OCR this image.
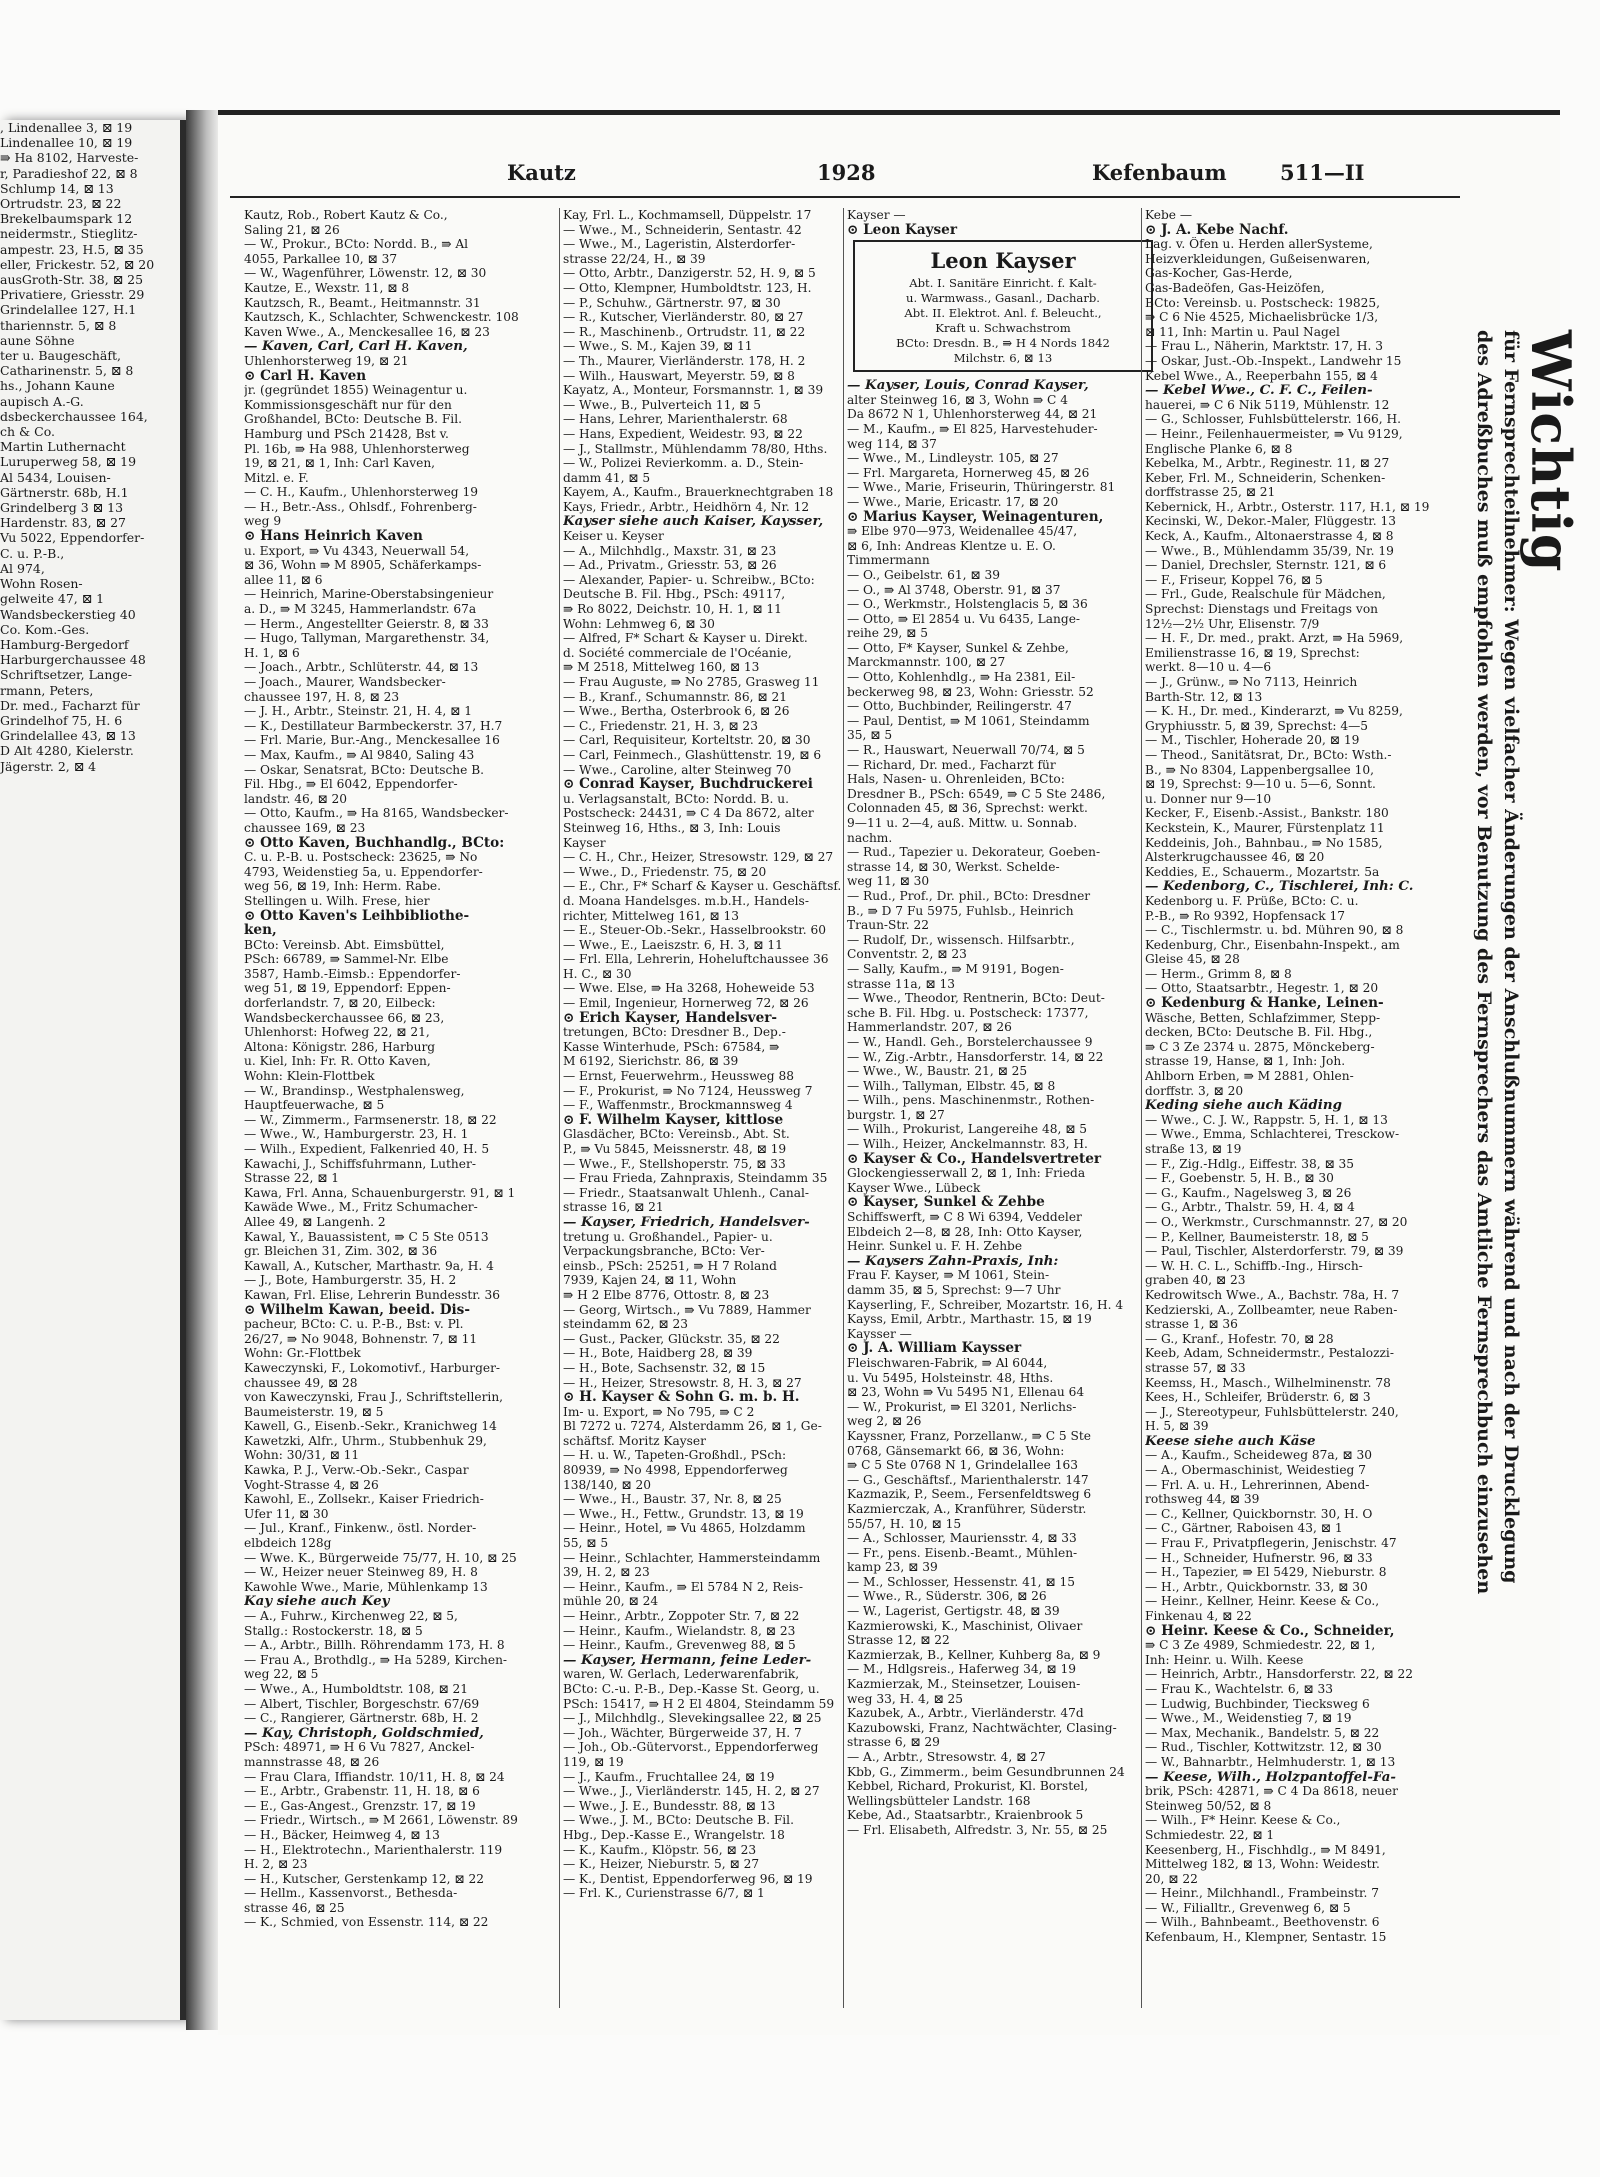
, Lindenallee 3, ⊠ 19
Lindenallee 10, ⊠ 19
⇛ Ha 8102, Harveste-
r, Paradieshof 22, ⊠ 8
Schlump 14, ⊠ 13
Ortrudstr. 23, ⊠ 22
Brekelbaumspark 12
neidermstr., Stieglitz-
ampestr. 23, H.5, ⊠ 35
eller, Frickestr. 52, ⊠ 20
ausGroth-Str. 38, ⊠ 25
Privatiere, Griesstr. 29
Grindelallee 127, H.1
thariennstr. 5, ⊠ 8
aune Söhne
ter u. Baugeschäft,
Catharinenstr. 5, ⊠ 8
hs., Johann Kaune
aupisch A.-G.
dsbeckerchaussee 164,
ch & Co.
Martin Luthernacht
Luruperweg 58, ⊠ 19
Al 5434, Louisen-
Gärtnerstr. 68b, H.1
Grindelberg 3 ⊠ 13
Hardenstr. 83, ⊠ 27
Vu 5022, Eppendorfer-
C. u. P.-B.,
Al 974,
Wohn Rosen-
gelweite 47, ⊠ 1
Wandsbeckerstieg 40
Co. Kom.-Ges.
Hamburg-Bergedorf
Harburgerchaussee 48
Schriftsetzer, Lange-
rmann, Peters,
Dr. med., Facharzt für
Grindelhof 75, H. 6
Grindelallee 43, ⊠ 13
D Alt 4280, Kielerstr.
Jägerstr. 2, ⊠ 4
Kautz	1928	Kefenbaum	511—II
Kautz, Rob., Robert Kautz & Co.,
Saling 21, ⊠ 26
— W., Prokur., BCto: Nordd. B., ⇛ Al
4055, Parkallee 10, ⊠ 37
— W., Wagenführer, Löwenstr. 12, ⊠ 30
Kautze, E., Wexstr. 11, ⊠ 8
Kautzsch, R., Beamt., Heitmannstr. 31
Kautzsch, K., Schlachter, Schwenckestr. 108
Kaven Wwe., A., Menckesallee 16, ⊠ 23
— Kaven, Carl, Carl H. Kaven,
Uhlenhorsterweg 19, ⊠ 21
⊙ Carl H. Kaven
jr. (gegründet 1855) Weinagentur u.
Kommissionsgeschäft nur für den
Großhandel, BCto: Deutsche B. Fil.
Hamburg und PSch 21428, Bst v.
Pl. 16b, ⇛ Ha 988, Uhlenhorsterweg
19, ⊠ 21, ⊠ 1, Inh: Carl Kaven,
Mitzl. e. F.
— C. H., Kaufm., Uhlenhorsterweg 19
— H., Betr.-Ass., Ohlsdf., Fohrenberg-
weg 9
⊙ Hans Heinrich Kaven
u. Export, ⇛ Vu 4343, Neuerwall 54,
⊠ 36, Wohn ⇛ M 8905, Schäferkamps-
allee 11, ⊠ 6
— Heinrich, Marine-Oberstabsingenieur
a. D., ⇛ M 3245, Hammerlandstr. 67a
— Herm., Angestellter Geierstr. 8, ⊠ 33
— Hugo, Tallyman, Margarethenstr. 34,
H. 1, ⊠ 6
— Joach., Arbtr., Schlüterstr. 44, ⊠ 13
— Joach., Maurer, Wandsbecker-
chaussee 197, H. 8, ⊠ 23
— J. H., Arbtr., Steinstr. 21, H. 4, ⊠ 1
— K., Destillateur Barmbeckerstr. 37, H.7
— Frl. Marie, Bur.-Ang., Menckesallee 16
— Max, Kaufm., ⇛ Al 9840, Saling 43
— Oskar, Senatsrat, BCto: Deutsche B.
Fil. Hbg., ⇛ El 6042, Eppendorfer-
landstr. 46, ⊠ 20
— Otto, Kaufm., ⇛ Ha 8165, Wandsbecker-
chaussee 169, ⊠ 23
⊙ Otto Kaven, Buchhandlg., BCto:
C. u. P.-B. u. Postscheck: 23625, ⇛ No
4793, Weidenstieg 5a, u. Eppendorfer-
weg 56, ⊠ 19, Inh: Herm. Rabe.
Stellingen u. Wilh. Frese, hier
⊙ Otto Kaven's Leihbibliothe-
ken,
BCto: Vereinsb. Abt. Eimsbüttel,
PSch: 66789, ⇛ Sammel-Nr. Elbe
3587, Hamb.-Eimsb.: Eppendorfer-
weg 51, ⊠ 19, Eppendorf: Eppen-
dorferlandstr. 7, ⊠ 20, Eilbeck:
Wandsbeckerchaussee 66, ⊠ 23,
Uhlenhorst: Hofweg 22, ⊠ 21,
Altona: Königstr. 286, Harburg
u. Kiel, Inh: Fr. R. Otto Kaven,
Wohn: Klein-Flottbek
— W., Brandinsp., Westphalensweg,
Hauptfeuerwache, ⊠ 5
— W., Zimmerm., Farmsenerstr. 18, ⊠ 22
— Wwe., W., Hamburgerstr. 23, H. 1
— Wilh., Expedient, Falkenried 40, H. 5
Kawachi, J., Schiffsfuhrmann, Luther-
Strasse 22, ⊠ 1
Kawa, Frl. Anna, Schauenburgerstr. 91, ⊠ 1
Kawäde Wwe., M., Fritz Schumacher-
Allee 49, ⊠ Langenh. 2
Kawal, Y., Bauassistent, ⇛ C 5 Ste 0513
gr. Bleichen 31, Zim. 302, ⊠ 36
Kawall, A., Kutscher, Marthastr. 9a, H. 4
— J., Bote, Hamburgerstr. 35, H. 2
Kawan, Frl. Elise, Lehrerin Bundesstr. 36
⊙ Wilhelm Kawan, beeid. Dis-
pacheur, BCto: C. u. P.-B., Bst: v. Pl.
26/27, ⇛ No 9048, Bohnenstr. 7, ⊠ 11
Wohn: Gr.-Flottbek
Kaweczynski, F., Lokomotivf., Harburger-
chaussee 49, ⊠ 28
von Kaweczynski, Frau J., Schriftstellerin,
Baumeisterstr. 19, ⊠ 5
Kawell, G., Eisenb.-Sekr., Kranichweg 14
Kawetzki, Alfr., Uhrm., Stubbenhuk 29,
Wohn: 30/31, ⊠ 11
Kawka, P. J., Verw.-Ob.-Sekr., Caspar
Voght-Strasse 4, ⊠ 26
Kawohl, E., Zollsekr., Kaiser Friedrich-
Ufer 11, ⊠ 30
— Jul., Kranf., Finkenw., östl. Norder-
elbdeich 128g
— Wwe. K., Bürgerweide 75/77, H. 10, ⊠ 25
— W., Heizer neuer Steinweg 89, H. 8
Kawohle Wwe., Marie, Mühlenkamp 13
Kay siehe auch Key
— A., Fuhrw., Kirchenweg 22, ⊠ 5,
Stallg.: Rostockerstr. 18, ⊠ 5
— A., Arbtr., Billh. Röhrendamm 173, H. 8
— Frau A., Brothdlg., ⇛ Ha 5289, Kirchen-
weg 22, ⊠ 5
— Wwe., A., Humboldtstr. 108, ⊠ 21
— Albert, Tischler, Borgeschstr. 67/69
— C., Rangierer, Gärtnerstr. 68b, H. 2
— Kay, Christoph, Goldschmied,
PSch: 48971, ⇛ H 6 Vu 7827, Anckel-
mannstrasse 48, ⊠ 26
— Frau Clara, Iffiandstr. 10/11, H. 8, ⊠ 24
— E., Arbtr., Grabenstr. 11, H. 18, ⊠ 6
— E., Gas-Angest., Grenzstr. 17, ⊠ 19
— Friedr., Wirtsch., ⇛ M 2661, Löwenstr. 89
— H., Bäcker, Heimweg 4, ⊠ 13
— H., Elektrotechn., Marienthalerstr. 119
H. 2, ⊠ 23
— H., Kutscher, Gerstenkamp 12, ⊠ 22
— Hellm., Kassenvorst., Bethesda-
strasse 46, ⊠ 25
— K., Schmied, von Essenstr. 114, ⊠ 22
Kay, Frl. L., Kochmamsell, Düppelstr. 17
— Wwe., M., Schneiderin, Sentastr. 42
— Wwe., M., Lageristin, Alsterdorfer-
strasse 22/24, H., ⊠ 39
— Otto, Arbtr., Danzigerstr. 52, H. 9, ⊠ 5
— Otto, Klempner, Humboldtstr. 123, H.
— P., Schuhw., Gärtnerstr. 97, ⊠ 30
— R., Kutscher, Vierländerstr. 80, ⊠ 27
— R., Maschinenb., Ortrudstr. 11, ⊠ 22
— Wwe., S. M., Kajen 39, ⊠ 11
— Th., Maurer, Vierländerstr. 178, H. 2
— Wilh., Hauswart, Meyerstr. 59, ⊠ 8
Kayatz, A., Monteur, Forsmannstr. 1, ⊠ 39
— Wwe., B., Pulverteich 11, ⊠ 5
— Hans, Lehrer, Marienthalerstr. 68
— Hans, Expedient, Weidestr. 93, ⊠ 22
— J., Stallmstr., Mühlendamm 78/80, Hths.
— W., Polizei Revierkomm. a. D., Stein-
damm 41, ⊠ 5
Kayem, A., Kaufm., Brauerknechtgraben 18
Kays, Friedr., Arbtr., Heidhörn 4, Nr. 12
Kayser siehe auch Kaiser, Kaysser,
Keiser u. Keyser
— A., Milchhdlg., Maxstr. 31, ⊠ 23
— Ad., Privatm., Griesstr. 53, ⊠ 26
— Alexander, Papier- u. Schreibw., BCto:
Deutsche B. Fil. Hbg., PSch: 49117,
⇛ Ro 8022, Deichstr. 10, H. 1, ⊠ 11
Wohn: Lehmweg 6, ⊠ 30
— Alfred, F* Schart & Kayser u. Direkt.
d. Société commerciale de l'Océanie,
⇛ M 2518, Mittelweg 160, ⊠ 13
— Frau Auguste, ⇛ No 2785, Grasweg 11
— B., Kranf., Schumannstr. 86, ⊠ 21
— Wwe., Bertha, Osterbrook 6, ⊠ 26
— C., Friedenstr. 21, H. 3, ⊠ 23
— Carl, Requisiteur, Korteltstr. 20, ⊠ 30
— Carl, Feinmech., Glashüttenstr. 19, ⊠ 6
— Wwe., Caroline, alter Steinweg 70
⊙ Conrad Kayser, Buchdruckerei
u. Verlagsanstalt, BCto: Nordd. B. u.
Postscheck: 24431, ⇛ C 4 Da 8672, alter
Steinweg 16, Hths., ⊠ 3, Inh: Louis
Kayser
— C. H., Chr., Heizer, Stresowstr. 129, ⊠ 27
— Wwe., D., Friedenstr. 75, ⊠ 20
— E., Chr., F* Scharf & Kayser u. Geschäftsf.
d. Moana Handelsges. m.b.H., Handels-
richter, Mittelweg 161, ⊠ 13
— E., Steuer-Ob.-Sekr., Hasselbrookstr. 60
— Wwe., E., Laeiszstr. 6, H. 3, ⊠ 11
— Frl. Ella, Lehrerin, Hoheluftchaussee 36
H. C., ⊠ 30
— Wwe. Else, ⇛ Ha 3268, Hoheweide 53
— Emil, Ingenieur, Hornerweg 72, ⊠ 26
⊙ Erich Kayser, Handelsver-
tretungen, BCto: Dresdner B., Dep.-
Kasse Winterhude, PSch: 67584, ⇛
M 6192, Sierichstr. 86, ⊠ 39
— Ernst, Feuerwehrm., Heussweg 88
— F., Prokurist, ⇛ No 7124, Heussweg 7
— F., Waffenmstr., Brockmannsweg 4
⊙ F. Wilhelm Kayser, kittlose
Glasdächer, BCto: Vereinsb., Abt. St.
P., ⇛ Vu 5845, Meissnerstr. 48, ⊠ 19
— Wwe., F., Stellshoperstr. 75, ⊠ 33
— Frau Frieda, Zahnpraxis, Steindamm 35
— Friedr., Staatsanwalt Uhlenh., Canal-
strasse 16, ⊠ 21
— Kayser, Friedrich, Handelsver-
tretung u. Großhandel., Papier- u.
Verpackungsbranche, BCto: Ver-
einsb., PSch: 25251, ⇛ H 7 Roland
7939, Kajen 24, ⊠ 11, Wohn
⇛ H 2 Elbe 8776, Ottostr. 8, ⊠ 23
— Georg, Wirtsch., ⇛ Vu 7889, Hammer
steindamm 62, ⊠ 23
— Gust., Packer, Glückstr. 35, ⊠ 22
— H., Bote, Haidberg 28, ⊠ 39
— H., Bote, Sachsenstr. 32, ⊠ 15
— H., Heizer, Stresowstr. 8, H. 3, ⊠ 27
⊙ H. Kayser & Sohn G. m. b. H.
Im- u. Export, ⇛ No 795, ⇛ C 2
Bl 7272 u. 7274, Alsterdamm 26, ⊠ 1, Ge-
schäftsf. Moritz Kayser
— H. u. W., Tapeten-Großhdl., PSch:
80939, ⇛ No 4998, Eppendorferweg
138/140, ⊠ 20
— Wwe., H., Baustr. 37, Nr. 8, ⊠ 25
— Wwe., H., Fettw., Grundstr. 13, ⊠ 19
— Heinr., Hotel, ⇛ Vu 4865, Holzdamm
55, ⊠ 5
— Heinr., Schlachter, Hammersteindamm
39, H. 2, ⊠ 23
— Heinr., Kaufm., ⇛ El 5784 N 2, Reis-
mühle 20, ⊠ 24
— Heinr., Arbtr., Zoppoter Str. 7, ⊠ 22
— Heinr., Kaufm., Wielandstr. 8, ⊠ 23
— Heinr., Kaufm., Grevenweg 88, ⊠ 5
— Kayser, Hermann, feine Leder-
waren, W. Gerlach, Lederwarenfabrik,
BCto: C.-u. P.-B., Dep.-Kasse St. Georg, u.
PSch: 15417, ⇛ H 2 El 4804, Steindamm 59
— J., Milchhdlg., Slevekingsallee 22, ⊠ 25
— Joh., Wächter, Bürgerweide 37, H. 7
— Joh., Ob.-Gütervorst., Eppendorferweg
119, ⊠ 19
— J., Kaufm., Fruchtallee 24, ⊠ 19
— Wwe., J., Vierländerstr. 145, H. 2, ⊠ 27
— Wwe., J. E., Bundesstr. 88, ⊠ 13
— Wwe., J. M., BCto: Deutsche B. Fil.
Hbg., Dep.-Kasse E., Wrangelstr. 18
— K., Kaufm., Klöpstr. 56, ⊠ 23
— K., Heizer, Nieburstr. 5, ⊠ 27
— K., Dentist, Eppendorferweg 96, ⊠ 19
— Frl. K., Curienstrasse 6/7, ⊠ 1
Kayser —
⊙ Leon Kayser
Leon Kayser
Abt. I. Sanitäre Einricht. f. Kalt-
u. Warmwass., Gasanl., Dacharb.
Abt. II. Elektrot. Anl. f. Beleucht.,
Kraft u. Schwachstrom
BCto: Dresdn. B., ⇛ H 4 Nords 1842
Milchstr. 6, ⊠ 13
— Kayser, Louis, Conrad Kayser,
alter Steinweg 16, ⊠ 3, Wohn ⇛ C 4
Da 8672 N 1, Uhlenhorsterweg 44, ⊠ 21
— M., Kaufm., ⇛ El 825, Harvestehuder-
weg 114, ⊠ 37
— Wwe., M., Lindleystr. 105, ⊠ 27
— Frl. Margareta, Hornerweg 45, ⊠ 26
— Wwe., Marie, Friseurin, Thüringerstr. 81
— Wwe., Marie, Ericastr. 17, ⊠ 20
⊙ Marius Kayser, Weinagenturen,
⇛ Elbe 970—973, Weidenallee 45/47,
⊠ 6, Inh: Andreas Klentze u. E. O.
Timmermann
— O., Geibelstr. 61, ⊠ 39
— O., ⇛ Al 3748, Oberstr. 91, ⊠ 37
— O., Werkmstr., Holstenglacis 5, ⊠ 36
— Otto, ⇛ El 2854 u. Vu 6435, Lange-
reihe 29, ⊠ 5
— Otto, F* Kayser, Sunkel & Zehbe,
Marckmannstr. 100, ⊠ 27
— Otto, Kohlenhdlg., ⇛ Ha 2381, Eil-
beckerweg 98, ⊠ 23, Wohn: Griesstr. 52
— Otto, Buchbinder, Reilingerstr. 47
— Paul, Dentist, ⇛ M 1061, Steindamm
35, ⊠ 5
— R., Hauswart, Neuerwall 70/74, ⊠ 5
— Richard, Dr. med., Facharzt für
Hals, Nasen- u. Ohrenleiden, BCto:
Dresdner B., PSch: 6549, ⇛ C 5 Ste 2486,
Colonnaden 45, ⊠ 36, Sprechst: werkt.
9—11 u. 2—4, auß. Mittw. u. Sonnab.
nachm.
— Rud., Tapezier u. Dekorateur, Goeben-
strasse 14, ⊠ 30, Werkst. Schelde-
weg 11, ⊠ 30
— Rud., Prof., Dr. phil., BCto: Dresdner
B., ⇛ D 7 Fu 5975, Fuhlsb., Heinrich
Traun-Str. 22
— Rudolf, Dr., wissensch. Hilfsarbtr.,
Conventstr. 2, ⊠ 23
— Sally, Kaufm., ⇛ M 9191, Bogen-
strasse 11a, ⊠ 13
— Wwe., Theodor, Rentnerin, BCto: Deut-
sche B. Fil. Hbg. u. Postscheck: 17377,
Hammerlandstr. 207, ⊠ 26
— W., Handl. Geh., Borstelerchaussee 9
— W., Zig.-Arbtr., Hansdorferstr. 14, ⊠ 22
— Wwe., W., Baustr. 21, ⊠ 25
— Wilh., Tallyman, Elbstr. 45, ⊠ 8
— Wilh., pens. Maschinenmstr., Rothen-
burgstr. 1, ⊠ 27
— Wilh., Prokurist, Langereihe 48, ⊠ 5
— Wilh., Heizer, Anckelmannstr. 83, H.
⊙ Kayser & Co., Handelsvertreter
Glockengiesserwall 2, ⊠ 1, Inh: Frieda
Kayser Wwe., Lübeck
⊙ Kayser, Sunkel & Zehbe
Schiffswerft, ⇛ C 8 Wi 6394, Veddeler
Elbdeich 2—8, ⊠ 28, Inh: Otto Kayser,
Heinr. Sunkel u. F. H. Zehbe
— Kaysers Zahn-Praxis, Inh:
Frau F. Kayser, ⇛ M 1061, Stein-
damm 35, ⊠ 5, Sprechst: 9—7 Uhr
Kayserling, F., Schreiber, Mozartstr. 16, H. 4
Kayss, Emil, Arbtr., Marthastr. 15, ⊠ 19
Kaysser —
⊙ J. A. William Kaysser
Fleischwaren-Fabrik, ⇛ Al 6044,
u. Vu 5495, Holsteinstr. 48, Hths.
⊠ 23, Wohn ⇛ Vu 5495 N1, Ellenau 64
— W., Prokurist, ⇛ El 3201, Nerlichs-
weg 2, ⊠ 26
Kayssner, Franz, Porzellanw., ⇛ C 5 Ste
0768, Gänsemarkt 66, ⊠ 36, Wohn:
⇛ C 5 Ste 0768 N 1, Grindelallee 163
— G., Geschäftsf., Marienthalerstr. 147
Kazmazik, P., Seem., Fersenfeldtsweg 6
Kazmierczak, A., Kranführer, Süderstr.
55/57, H. 10, ⊠ 15
— A., Schlosser, Mauriensstr. 4, ⊠ 33
— Fr., pens. Eisenb.-Beamt., Mühlen-
kamp 23, ⊠ 39
— M., Schlosser, Hessenstr. 41, ⊠ 15
— Wwe., R., Süderstr. 306, ⊠ 26
— W., Lagerist, Gertigstr. 48, ⊠ 39
Kazmierowski, K., Maschinist, Olivaer
Strasse 12, ⊠ 22
Kazmierzak, B., Kellner, Kuhberg 8a, ⊠ 9
— M., Hdlgsreis., Haferweg 34, ⊠ 19
Kazmierzak, M., Steinsetzer, Louisen-
weg 33, H. 4, ⊠ 25
Kazubek, A., Arbtr., Vierländerstr. 47d
Kazubowski, Franz, Nachtwächter, Clasing-
strasse 6, ⊠ 29
— A., Arbtr., Stresowstr. 4, ⊠ 27
Kbb, G., Zimmerm., beim Gesundbrunnen 24
Kebbel, Richard, Prokurist, Kl. Borstel,
Wellingsbütteler Landstr. 168
Kebe, Ad., Staatsarbtr., Kraienbrook 5
— Frl. Elisabeth, Alfredstr. 3, Nr. 55, ⊠ 25
Kebe —
⊙ J. A. Kebe Nachf.
Lag. v. Öfen u. Herden allerSysteme,
Heizverkleidungen, Gußeisenwaren,
Gas-Kocher, Gas-Herde,
Gas-Badeöfen, Gas-Heizöfen,
BCto: Vereinsb. u. Postscheck: 19825,
⇛ C 6 Nie 4525, Michaelisbrücke 1/3,
⊠ 11, Inh: Martin u. Paul Nagel
— Frau L., Näherin, Marktstr. 17, H. 3
— Oskar, Just.-Ob.-Inspekt., Landwehr 15
Kebel Wwe., A., Reeperbahn 155, ⊠ 4
— Kebel Wwe., C. F. C., Feilen-
hauerei, ⇛ C 6 Nik 5119, Mühlenstr. 12
— G., Schlosser, Fuhlsbüttelerstr. 166, H.
— Heinr., Feilenhauermeister, ⇛ Vu 9129,
Englische Planke 6, ⊠ 8
Kebelka, M., Arbtr., Reginestr. 11, ⊠ 27
Keber, Frl. M., Schneiderin, Schenken-
dorffstrasse 25, ⊠ 21
Kebernick, H., Arbtr., Osterstr. 117, H.1, ⊠ 19
Kecinski, W., Dekor.-Maler, Flüggestr. 13
Keck, A., Kaufm., Altonaerstrasse 4, ⊠ 8
— Wwe., B., Mühlendamm 35/39, Nr. 19
— Daniel, Drechsler, Sternstr. 121, ⊠ 6
— F., Friseur, Koppel 76, ⊠ 5
— Frl., Gude, Realschule für Mädchen,
Sprechst: Dienstags und Freitags von
12½—2½ Uhr, Elisenstr. 7/9
— H. F., Dr. med., prakt. Arzt, ⇛ Ha 5969,
Emilienstrasse 16, ⊠ 19, Sprechst:
werkt. 8—10 u. 4—6
— J., Grünw., ⇛ No 7113, Heinrich
Barth-Str. 12, ⊠ 13
— K. H., Dr. med., Kinderarzt, ⇛ Vu 8259,
Gryphiusstr. 5, ⊠ 39, Sprechst: 4—5
— M., Tischler, Hoherade 20, ⊠ 19
— Theod., Sanitätsrat, Dr., BCto: Wsth.-
B., ⇛ No 8304, Lappenbergsallee 10,
⊠ 19, Sprechst: 9—10 u. 5—6, Sonnt.
u. Donner nur 9—10
Kecker, F., Eisenb.-Assist., Bankstr. 180
Keckstein, K., Maurer, Fürstenplatz 11
Keddeinis, Joh., Bahnbau., ⇛ No 1585,
Alsterkrugchaussee 46, ⊠ 20
Keddies, E., Schauerm., Mozartstr. 5a
— Kedenborg, C., Tischlerei, Inh: C.
Kedenborg u. F. Prüße, BCto: C. u.
P.-B., ⇛ Ro 9392, Hopfensack 17
— C., Tischlermstr. u. bd. Mühren 90, ⊠ 8
Kedenburg, Chr., Eisenbahn-Inspekt., am
Gleise 45, ⊠ 28
— Herm., Grimm 8, ⊠ 8
— Otto, Staatsarbtr., Hegestr. 1, ⊠ 20
⊙ Kedenburg & Hanke, Leinen-
Wäsche, Betten, Schlafzimmer, Stepp-
decken, BCto: Deutsche B. Fil. Hbg.,
⇛ C 3 Ze 2374 u. 2875, Mönckeberg-
strasse 19, Hanse, ⊠ 1, Inh: Joh.
Ahlborn Erben, ⇛ M 2881, Ohlen-
dorffstr. 3, ⊠ 20
Keding siehe auch Käding
— Wwe., C. J. W., Rappstr. 5, H. 1, ⊠ 13
— Wwe., Emma, Schlachterei, Tresckow-
straße 13, ⊠ 19
— F., Zig.-Hdlg., Eiffestr. 38, ⊠ 35
— F., Goebenstr. 5, H. B., ⊠ 30
— G., Kaufm., Nagelsweg 3, ⊠ 26
— G., Arbtr., Thalstr. 59, H. 4, ⊠ 4
— O., Werkmstr., Curschmannstr. 27, ⊠ 20
— P., Kellner, Baumeisterstr. 18, ⊠ 5
— Paul, Tischler, Alsterdorferstr. 79, ⊠ 39
— W. H. C. L., Schiffb.-Ing., Hirsch-
graben 40, ⊠ 23
Kedrowitsch Wwe., A., Bachstr. 78a, H. 7
Kedzierski, A., Zollbeamter, neue Raben-
strasse 1, ⊠ 36
— G., Kranf., Hofestr. 70, ⊠ 28
Keeb, Adam, Schneidermstr., Pestalozzi-
strasse 57, ⊠ 33
Keemss, H., Masch., Wilhelminenstr. 78
Kees, H., Schleifer, Brüderstr. 6, ⊠ 3
— J., Stereotypeur, Fuhlsbüttelerstr. 240,
H. 5, ⊠ 39
Keese siehe auch Käse
— A., Kaufm., Scheideweg 87a, ⊠ 30
— A., Obermaschinist, Weidestieg 7
— Frl. A. u. H., Lehrerinnen, Abend-
rothsweg 44, ⊠ 39
— C., Kellner, Quickbornstr. 30, H. O
— C., Gärtner, Raboisen 43, ⊠ 1
— Frau F., Privatpflegerin, Jenischstr. 47
— H., Schneider, Hufnerstr. 96, ⊠ 33
— H., Tapezier, ⇛ El 5429, Nieburstr. 8
— H., Arbtr., Quickbornstr. 33, ⊠ 30
— Heinr., Kellner, Heinr. Keese & Co.,
Finkenau 4, ⊠ 22
⊙ Heinr. Keese & Co., Schneider,
⇛ C 3 Ze 4989, Schmiedestr. 22, ⊠ 1,
Inh: Heinr. u. Wilh. Keese
— Heinrich, Arbtr., Hansdorferstr. 22, ⊠ 22
— Frau K., Wachtelstr. 6, ⊠ 33
— Ludwig, Buchbinder, Tiecksweg 6
— Wwe., M., Weidenstieg 7, ⊠ 19
— Max, Mechanik., Bandelstr. 5, ⊠ 22
— Rud., Tischler, Kottwitzstr. 12, ⊠ 30
— W., Bahnarbtr., Helmhuderstr. 1, ⊠ 13
— Keese, Wilh., Holzpantoffel-Fa-
brik, PSch: 42871, ⇛ C 4 Da 8618, neuer
Steinweg 50/52, ⊠ 8
— Wilh., F* Heinr. Keese & Co.,
Schmiedestr. 22, ⊠ 1
Keesenberg, H., Fischhdlg., ⇛ M 8491,
Mittelweg 182, ⊠ 13, Wohn: Weidestr.
20, ⊠ 22
— Heinr., Milchhandl., Frambeinstr. 7
— W., Filialltr., Grevenweg 6, ⊠ 5
— Wilh., Bahnbeamt., Beethovenstr. 6
Kefenbaum, H., Klempner, Sentastr. 15
Wichtig
für Fernsprechteilnehmer: Wegen vielfacher Änderungen der Anschlußnummern während und nach der Drucklegung
des Adreßbuches muß empfohlen werden, vor Benutzung des Fernsprechers das Amtliche Fernsprechbuch einzusehen
